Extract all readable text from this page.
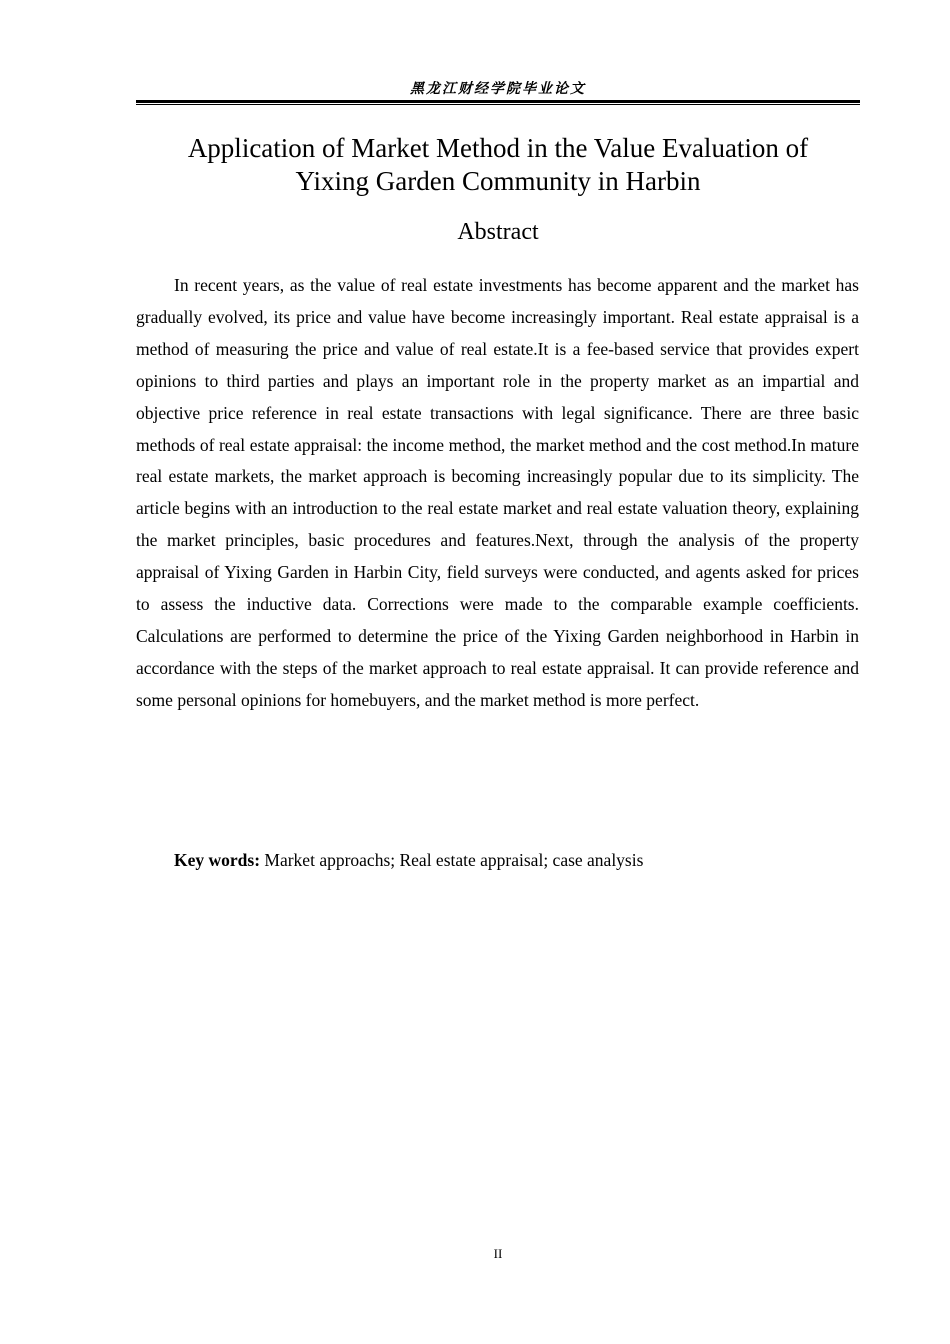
黑龙江财经学院毕业论文
Application of Market Method in the Value Evaluation of
Yixing Garden Community in Harbin
Abstract

In recent years, as the value of real estate investments has become apparent and the market has gradually evolved, its price and value have become increasingly important. Real estate appraisal is a method of measuring the price and value of real estate.It is a fee-based service that provides expert opinions to third parties and plays an important role in the property market as an impartial and objective price reference in real estate transactions with legal significance. There are three basic methods of real estate appraisal: the income method, the market method and the cost method.In mature real estate markets, the market approach is becoming increasingly popular due to its simplicity. The article begins with an introduction to the real estate market and real estate valuation theory, explaining the market principles, basic procedures and features.Next, through the analysis of the property appraisal of Yixing Garden in Harbin City, field surveys were conducted, and agents asked for prices to assess the inductive data. Corrections were made to the comparable example coefficients. Calculations are performed to determine the price of the Yixing Garden neighborhood in Harbin in accordance with the steps of the market approach to real estate appraisal. It can provide reference and some personal opinions for homebuyers, and the market method is more perfect.

Key words: Market approachs; Real estate appraisal; case analysis

II
